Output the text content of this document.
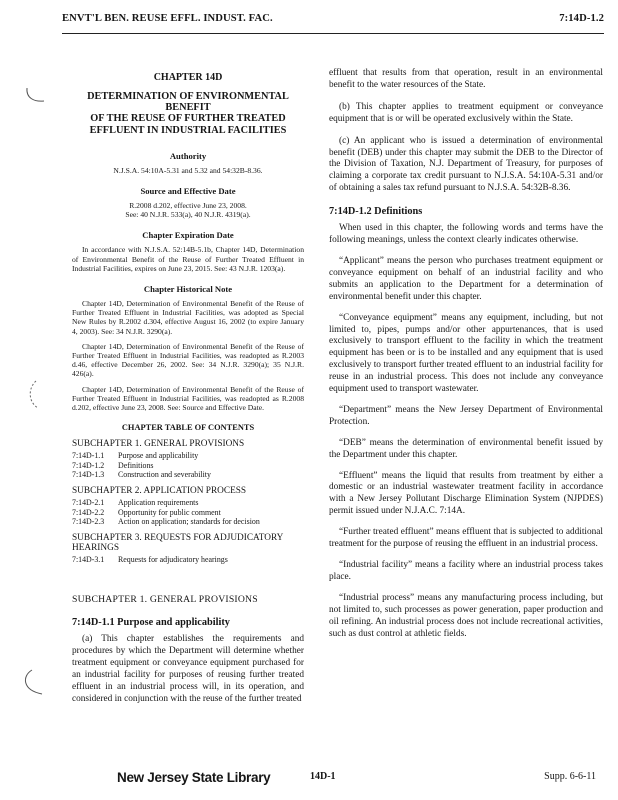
ENVT'L BEN. REUSE EFFL. INDUST. FAC.	7:14D-1.2

CHAPTER 14D

DETERMINATION OF ENVIRONMENTAL BENEFIT
OF THE REUSE OF FURTHER TREATED
EFFLUENT IN INDUSTRIAL FACILITIES

Authority

N.J.S.A. 54:10A-5.31 and 5.32 and 54:32B-8.36.

Source and Effective Date

R.2008 d.202, effective June 23, 2008.

See: 40 N.J.R. 533(a), 40 N.J.R. 4319(a).

Chapter Expiration Date

In accordance with N.J.S.A. 52:14B-5.1b, Chapter 14D, Determination of Environmental Benefit of the Reuse of Further Treated Effluent in Industrial Facilities, expires on June 23, 2015. See: 43 N.J.R. 1203(a).

Chapter Historical Note

Chapter 14D, Determination of Environmental Benefit of the Reuse of Further Treated Effluent in Industrial Facilities, was adopted as Special New Rules by R.2002 d.304, effective August 16, 2002 (to expire January 4, 2003). See: 34 N.J.R. 3290(a).

Chapter 14D, Determination of Environmental Benefit of the Reuse of Further Treated Effluent in Industrial Facilities, was readopted as R.2003 d.46, effective December 26, 2002. See: 34 N.J.R. 3290(a); 35 N.J.R. 426(a).

Chapter 14D, Determination of Environmental Benefit of the Reuse of Further Treated Effluent in Industrial Facilities, was readopted as R.2008 d.202, effective June 23, 2008. See: Source and Effective Date.

CHAPTER TABLE OF CONTENTS

SUBCHAPTER 1. GENERAL PROVISIONS

7:14D-1.1	Purpose and applicability
7:14D-1.2	Definitions
7:14D-1.3	Construction and severability

SUBCHAPTER 2. APPLICATION PROCESS

7:14D-2.1	Application requirements
7:14D-2.2	Opportunity for public comment
7:14D-2.3	Action on application; standards for decision

SUBCHAPTER 3. REQUESTS FOR ADJUDICATORY HEARINGS

7:14D-3.1	Requests for adjudicatory hearings

SUBCHAPTER 1. GENERAL PROVISIONS

7:14D-1.1 Purpose and applicability

(a) This chapter establishes the requirements and procedures by which the Department will determine whether treatment equipment or conveyance equipment purchased for an industrial facility for purposes of reusing further treated effluent in an industrial process will, in its operation, and considered in conjunction with the reuse of the further treated

effluent that results from that operation, result in an environmental benefit to the water resources of the State.

(b) This chapter applies to treatment equipment or conveyance equipment that is or will be operated exclusively within the State.

(c) An applicant who is issued a determination of environmental benefit (DEB) under this chapter may submit the DEB to the Director of the Division of Taxation, N.J. Department of Treasury, for purposes of claiming a corporate tax credit pursuant to N.J.S.A. 54:10A-5.31 and/or of obtaining a sales tax refund pursuant to N.J.S.A. 54:32B-8.36.

7:14D-1.2 Definitions

When used in this chapter, the following words and terms have the following meanings, unless the context clearly indicates otherwise.

“Applicant” means the person who purchases treatment equipment or conveyance equipment on behalf of an industrial facility and who submits an application to the Department for a determination of environmental benefit under this chapter.

“Conveyance equipment” means any equipment, including, but not limited to, pipes, pumps and/or other appurtenances, that is used exclusively to transport effluent to the facility in which the treatment equipment has been or is to be installed and any equipment that is used exclusively to transport further treated effluent to an industrial facility for reuse in an industrial process. This does not include any conveyance equipment used to transport wastewater.

“Department” means the New Jersey Department of Environmental Protection.

“DEB” means the determination of environmental benefit issued by the Department under this chapter.

“Effluent” means the liquid that results from treatment by either a domestic or an industrial wastewater treatment facility in accordance with a New Jersey Pollutant Discharge Elimination System (NJPDES) permit issued under N.J.A.C. 7:14A.

“Further treated effluent” means effluent that is subjected to additional treatment for the purpose of reusing the effluent in an industrial process.

“Industrial facility” means a facility where an industrial process takes place.

“Industrial process” means any manufacturing process including, but not limited to, such processes as power generation, paper production and oil refining. An industrial process does not include recreational activities, such as dust control at athletic fields.

New Jersey State Library	14D-1	Supp. 6-6-11
